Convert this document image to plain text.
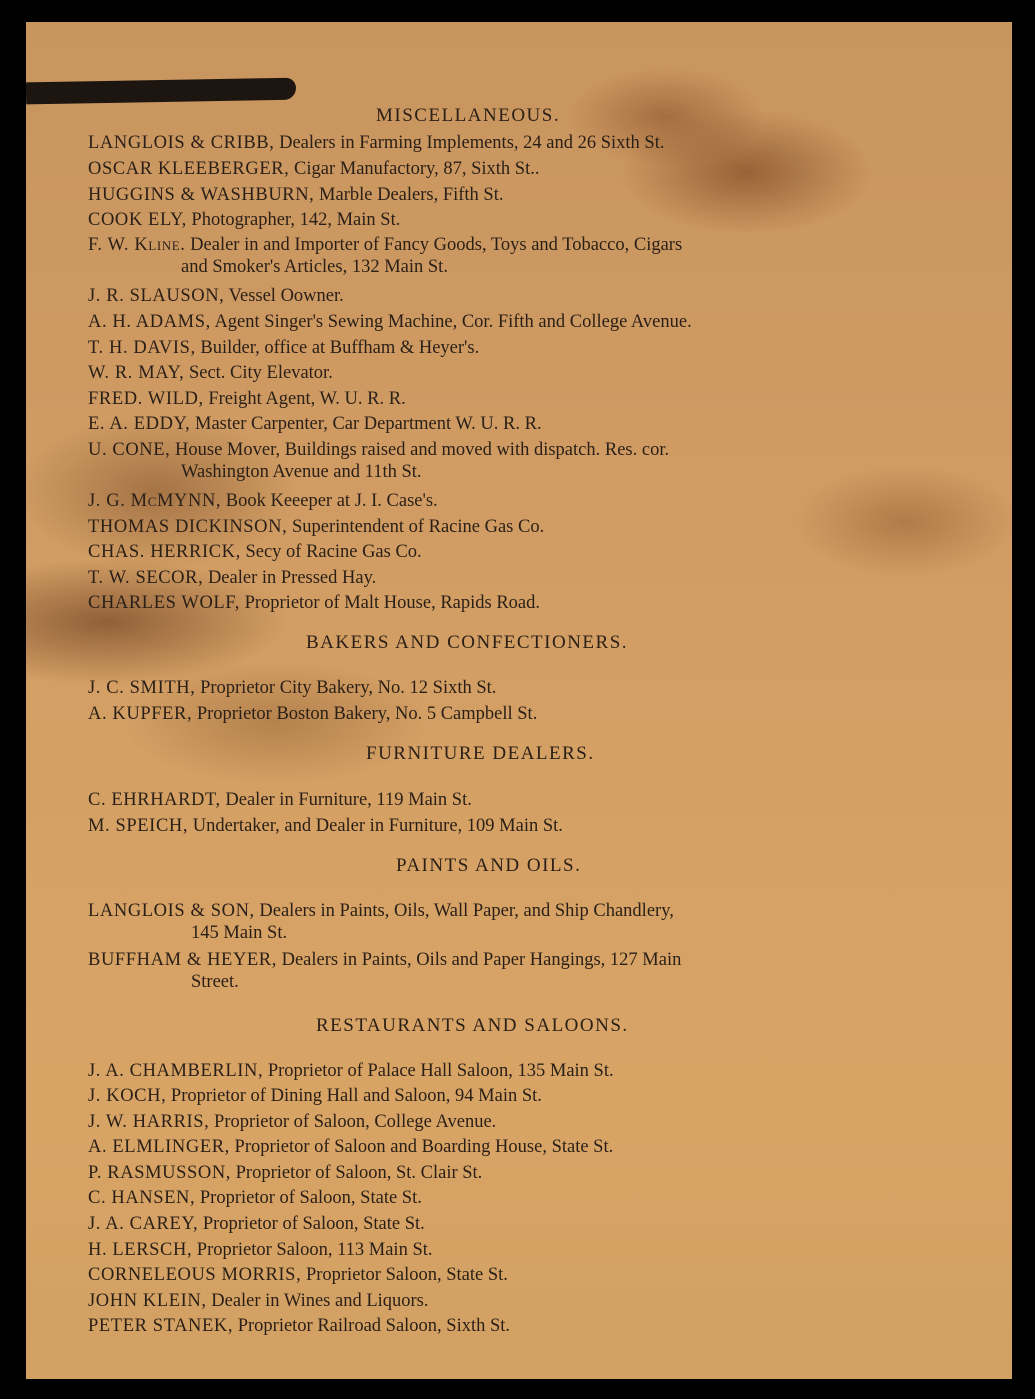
MISCELLANEOUS.
LANGLOIS & CRIBB, Dealers in Farming Implements, 24 and 26 Sixth St.
OSCAR KLEEBERGER, Cigar Manufactory, 87, Sixth St..
HUGGINS & WASHBURN, Marble Dealers, Fifth St.
COOK ELY, Photographer, 142, Main St.
F. W. Kline. Dealer in and Importer of Fancy Goods, Toys and Tobacco, Cigars
and Smoker's Articles, 132 Main St.
J. R. SLAUSON, Vessel Oowner.
A. H. ADAMS, Agent Singer's Sewing Machine, Cor. Fifth and College Avenue.
T. H. DAVIS, Builder, office at Buffham & Heyer's.
W. R. MAY, Sect. City Elevator.
FRED. WILD, Freight Agent, W. U. R. R.
E. A. EDDY, Master Carpenter, Car Department W. U. R. R.
U. CONE, House Mover, Buildings raised and moved with dispatch. Res. cor.
Washington Avenue and 11th St.
J. G. McMYNN, Book Keeeper at J. I. Case's.
THOMAS DICKINSON, Superintendent of Racine Gas Co.
CHAS. HERRICK, Secy of Racine Gas Co.
T. W. SECOR, Dealer in Pressed Hay.
CHARLES WOLF, Proprietor of Malt House, Rapids Road.
BAKERS AND CONFECTIONERS.
J. C. SMITH, Proprietor City Bakery, No. 12 Sixth St.
A. KUPFER, Proprietor Boston Bakery, No. 5 Campbell St.
FURNITURE DEALERS.
C. EHRHARDT, Dealer in Furniture, 119 Main St.
M. SPEICH, Undertaker, and Dealer in Furniture, 109 Main St.
PAINTS AND OILS.
LANGLOIS & SON, Dealers in Paints, Oils, Wall Paper, and Ship Chandlery,
145 Main St.
BUFFHAM & HEYER, Dealers in Paints, Oils and Paper Hangings, 127 Main
Street.
RESTAURANTS AND SALOONS.
J. A. CHAMBERLIN, Proprietor of Palace Hall Saloon, 135 Main St.
J. KOCH, Proprietor of Dining Hall and Saloon, 94 Main St.
J. W. HARRIS, Proprietor of Saloon, College Avenue.
A. ELMLINGER, Proprietor of Saloon and Boarding House, State St.
P. RASMUSSON, Proprietor of Saloon, St. Clair St.
C. HANSEN, Proprietor of Saloon, State St.
J. A. CAREY, Proprietor of Saloon, State St.
H. LERSCH, Proprietor Saloon, 113 Main St.
CORNELEOUS MORRIS, Proprietor Saloon, State St.
JOHN KLEIN, Dealer in Wines and Liquors.
PETER STANEK, Proprietor Railroad Saloon, Sixth St.
